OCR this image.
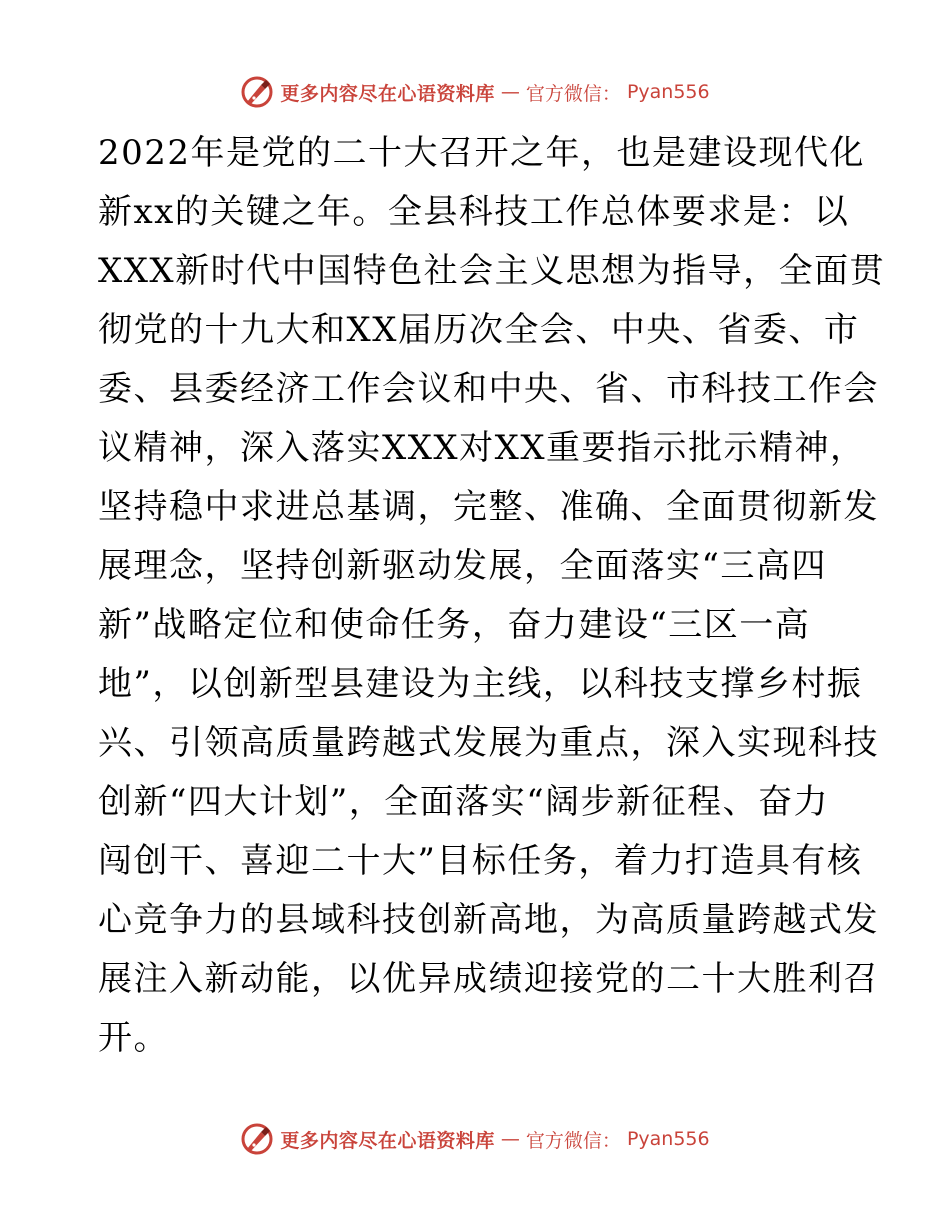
更多内容尽在心语资料库 — 官方微信： Pyan556
2022年是党的二十大召开之年，也是建设现代化
新xx的关键之年。全县科技工作总体要求是：以
XXX新时代中国特色社会主义思想为指导，全面贯
彻党的十九大和XX届历次全会、中央、省委、市
委、县委经济工作会议和中央、省、市科技工作会
议精神，深入落实XXX对XX重要指示批示精神，
坚持稳中求进总基调，完整、准确、全面贯彻新发
展理念，坚持创新驱动发展，全面落实“三高四
新”战略定位和使命任务，奋力建设“三区一高
地”，以创新型县建设为主线，以科技支撑乡村振
兴、引领高质量跨越式发展为重点，深入实现科技
创新“四大计划”，全面落实“阔步新征程、奋力
闯创干、喜迎二十大”目标任务，着力打造具有核
心竞争力的县域科技创新高地，为高质量跨越式发
展注入新动能，以优异成绩迎接党的二十大胜利召
开。
更多内容尽在心语资料库 — 官方微信： Pyan556
